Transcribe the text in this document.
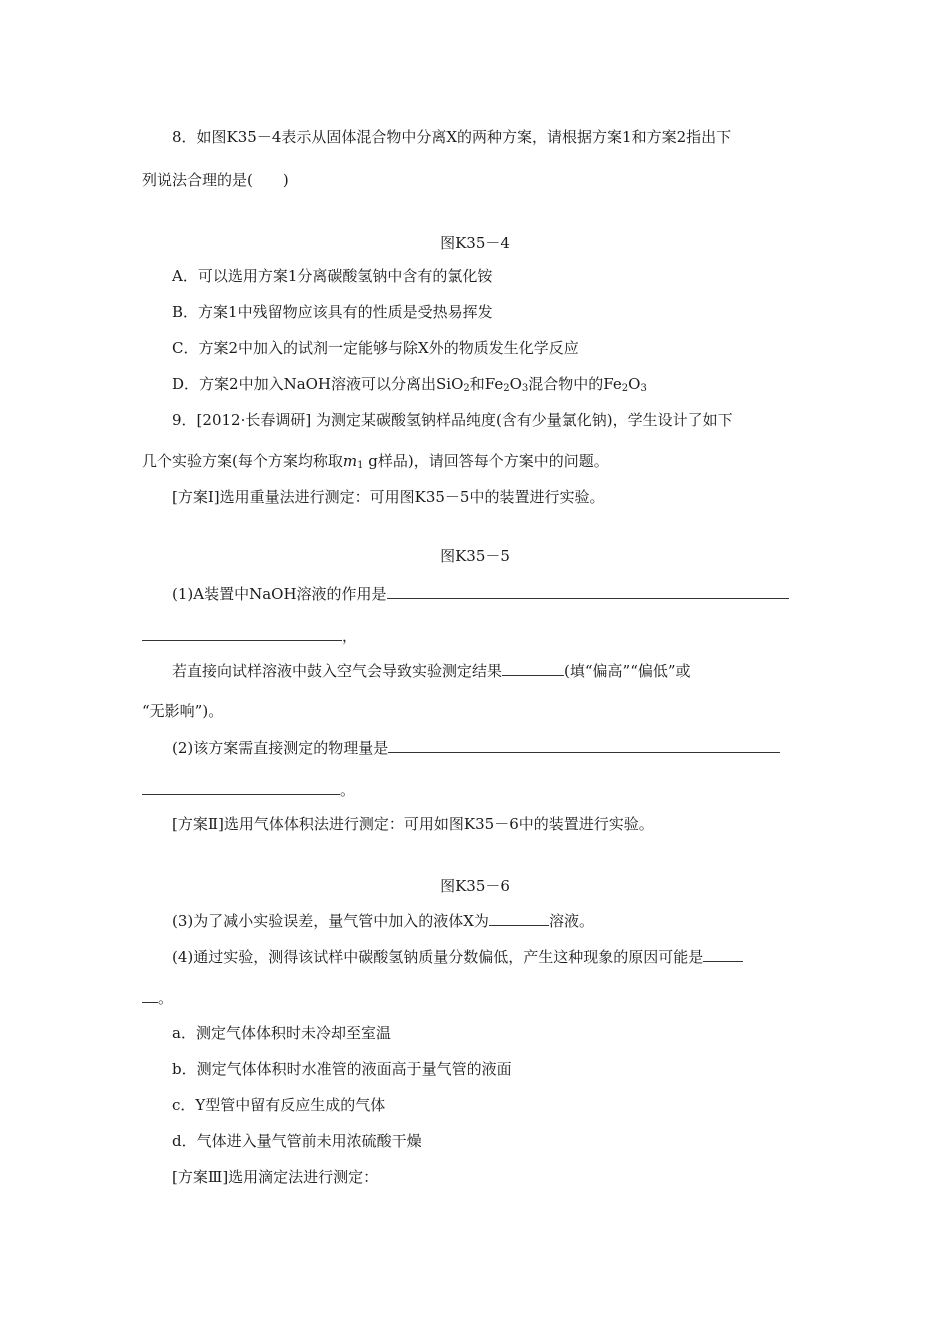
8．如图K35－4表示从固体混合物中分离X的两种方案，请根据方案1和方案2指出下
列说法合理的是(　　)
图K35－4
A．可以选用方案1分离碳酸氢钠中含有的氯化铵
B．方案1中残留物应该具有的性质是受热易挥发
C．方案2中加入的试剂一定能够与除X外的物质发生化学反应
D．方案2中加入NaOH溶液可以分离出SiO$_2$和$Fe_2O_3$混合物中的$Fe_2O_3$
9．[2012·长春调研] 为测定某碳酸氢钠样品纯度(含有少量氯化钠)，学生设计了如下
几个实验方案(每个方案均称取$m_1$ g样品)，请回答每个方案中的问题。
[方案Ⅰ]选用重量法进行测定：可用图K35－5中的装置进行实验。
图K35－5
(1)A装置中NaOH溶液的作用是
，
若直接向试样溶液中鼓入空气会导致实验测定结果	(填“偏高”“偏低”或
“无影响”)。
(2)该方案需直接测定的物理量是
。
[方案Ⅱ]选用气体体积法进行测定：可用如图K35－6中的装置进行实验。
图K35－6
(3)为了减小实验误差，量气管中加入的液体X为	溶液。
(4)通过实验，测得该试样中碳酸氢钠质量分数偏低，产生这种现象的原因可能是
。
a．测定气体体积时未冷却至室温
b．测定气体体积时水准管的液面高于量气管的液面
c．Y型管中留有反应生成的气体
d．气体进入量气管前未用浓硫酸干燥
[方案Ⅲ]选用滴定法进行测定：
